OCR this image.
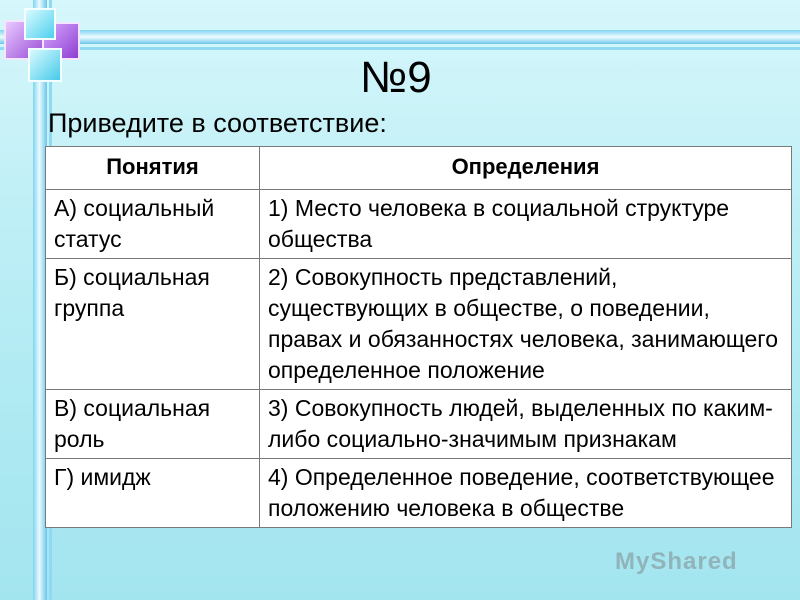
№9
Приведите в соответствие:
Понятия	Определения
А) социальный статус	1) Место человека в социальной структуре общества
Б) социальная группа	2) Совокупность представлений, существующих в обществе, о поведении, правах и обязанностях человека, занимающего определенное положение
В) социальная роль	3) Совокупность людей, выделенных по каким-либо социально-значимым признакам
Г) имидж	4) Определенное поведение, соответствующее положению человека в обществе
MyShared
